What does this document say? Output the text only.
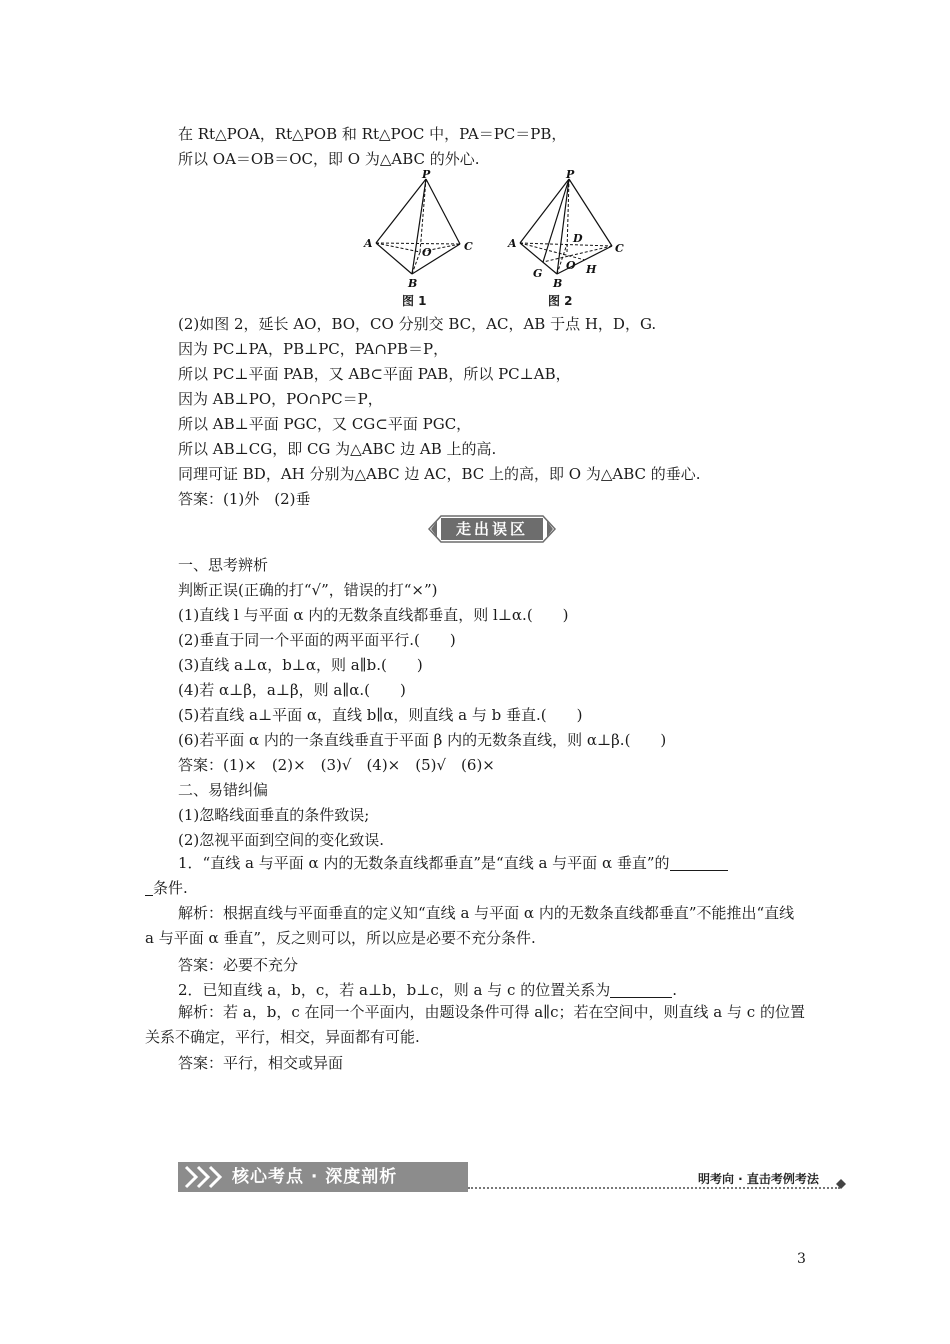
在 Rt△POA，Rt△POB 和 Rt△POC 中，PA＝PC＝PB，
所以 OA＝OB＝OC，即 O 为△ABC 的外心.
P
A
B
C
O
图 1
P
A
B
C
O
D
G	H
图 2
(2)如图 2，延长 AO，BO，CO 分别交 BC，AC，AB 于点 H，D，G.
因为 PC⊥PA，PB⊥PC，PA∩PB＝P，
所以 PC⊥平面 PAB，又 AB⊂平面 PAB，所以 PC⊥AB，
因为 AB⊥PO，PO∩PC＝P，
所以 AB⊥平面 PGC，又 CG⊂平面 PGC，
所以 AB⊥CG，即 CG 为△ABC 边 AB 上的高.
同理可证 BD，AH 分别为△ABC 边 AC，BC 上的高，即 O 为△ABC 的垂心.
答案：(1)外　(2)垂
走出误区
一、思考辨析
判断正误(正确的打“√”，错误的打“×”)
(1)直线 l 与平面 α 内的无数条直线都垂直，则 l⊥α.(　　)
(2)垂直于同一个平面的两平面平行.(　　)
(3)直线 a⊥α，b⊥α，则 a∥b.(　　)
(4)若 α⊥β，a⊥β，则 a∥α.(　　)
(5)若直线 a⊥平面 α，直线 b∥α，则直线 a 与 b 垂直.(　　)
(6)若平面 α 内的一条直线垂直于平面 β 内的无数条直线，则 α⊥β.(　　)
答案：(1)×　(2)×　(3)√　(4)×　(5)√　(6)×
二、易错纠偏
(1)忽略线面垂直的条件致误;
(2)忽视平面到空间的变化致误.
1．“直线 a 与平面 α 内的无数条直线都垂直”是“直线 a 与平面 α 垂直”的
条件.
解析：根据直线与平面垂直的定义知“直线 a 与平面 α 内的无数条直线都垂直”不能推出“直线 a 与平面 α 垂直”，反之则可以，所以应是必要不充分条件.
答案：必要不充分
2．已知直线 a，b，c，若 a⊥b，b⊥c，则 a 与 c 的位置关系为	.
解析：若 a，b，c 在同一个平面内，由题设条件可得 a∥c；若在空间中，则直线 a 与 c 的位置关系不确定，平行，相交，异面都有可能.
答案：平行，相交或异面
核心考点 · 深度剖析	明考向 · 直击考例考法
3
